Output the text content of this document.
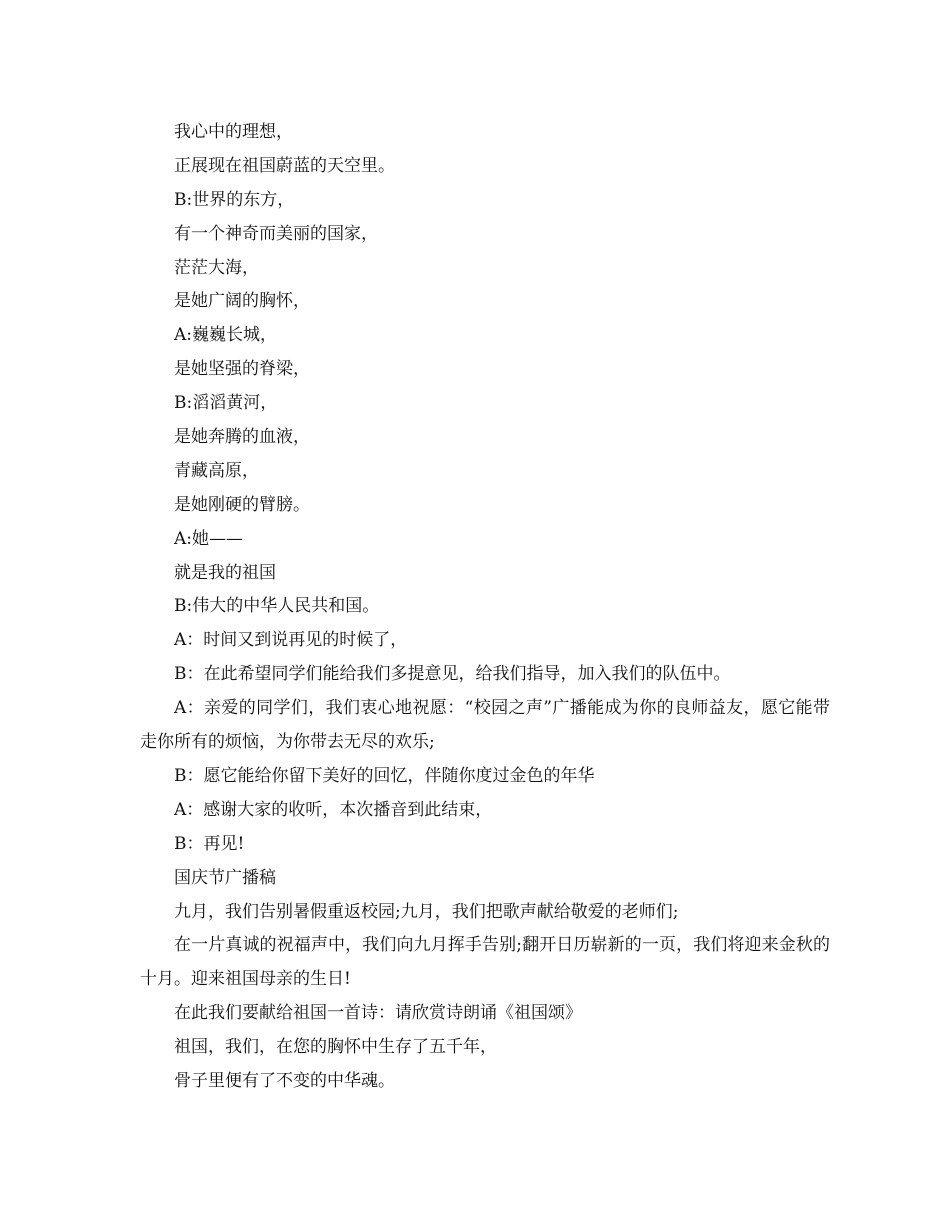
我心中的理想，
正展现在祖国蔚蓝的天空里。
B:世界的东方，
有一个神奇而美丽的国家，
茫茫大海，
是她广阔的胸怀，
A:巍巍长城，
是她坚强的脊梁，
B:滔滔黄河，
是她奔腾的血液，
青藏高原，
是她刚硬的臂膀。
A:她——
就是我的祖国
B:伟大的中华人民共和国。
A：时间又到说再见的时候了，
B：在此希望同学们能给我们多提意见，给我们指导，加入我们的队伍中。

A：亲爱的同学们，我们衷心地祝愿：“校园之声”广播能成为你的良师益友，愿它能带走你所有的烦恼，为你带去无尽的欢乐;

B：愿它能给你留下美好的回忆，伴随你度过金色的年华
A：感谢大家的收听，本次播音到此结束，
B：再见!
国庆节广播稿
九月，我们告别暑假重返校园;九月，我们把歌声献给敬爱的老师们;

在一片真诚的祝福声中，我们向九月挥手告别;翻开日历崭新的一页，我们将迎来金秋的十月。迎来祖国母亲的生日!

在此我们要献给祖国一首诗：请欣赏诗朗诵《祖国颂》
祖国，我们，在您的胸怀中生存了五千年，
骨子里便有了不变的中华魂。
